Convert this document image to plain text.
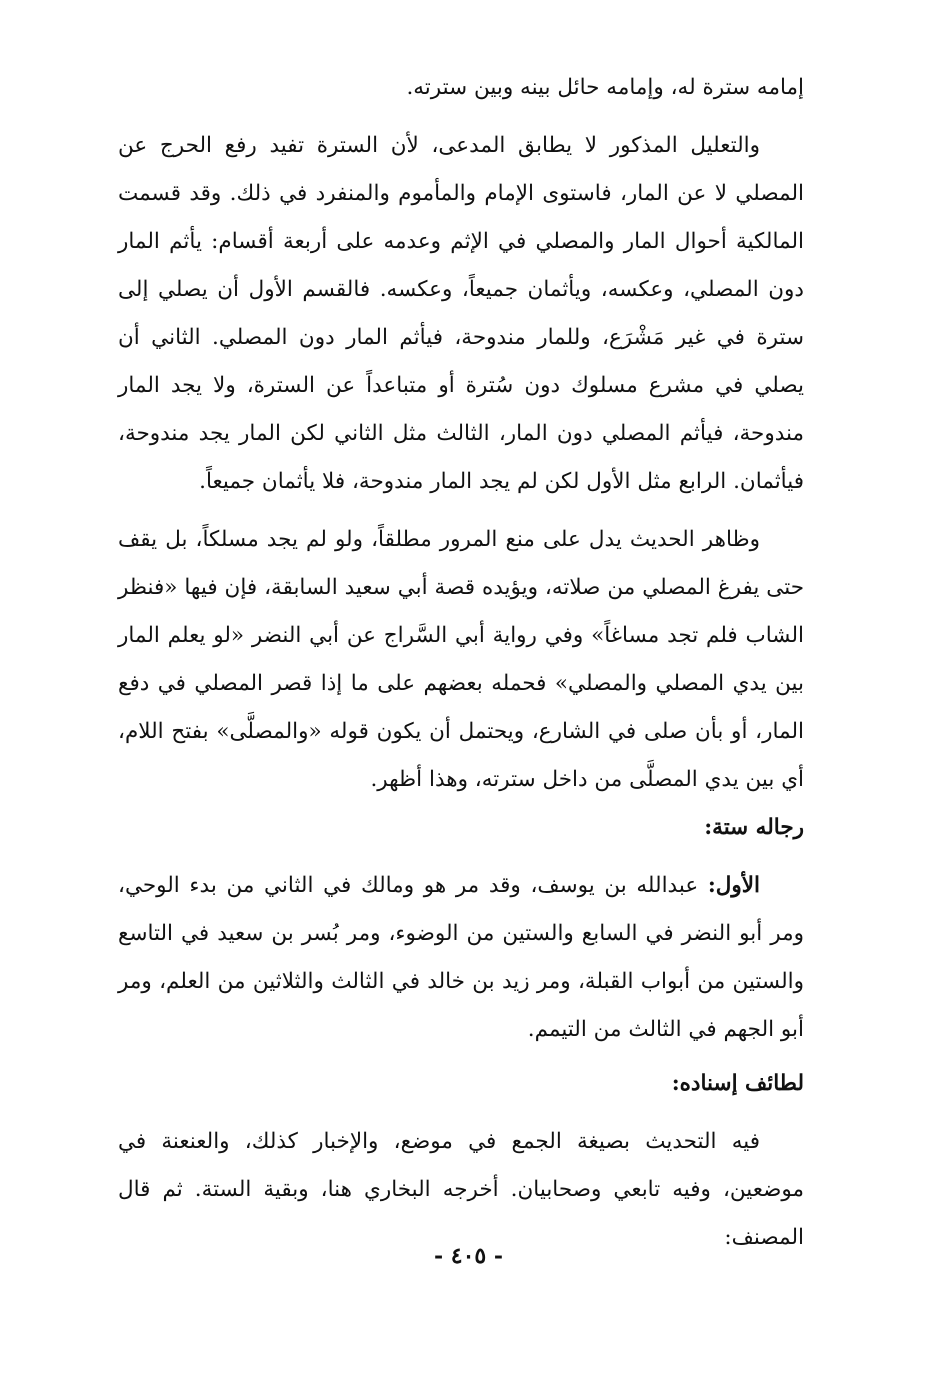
إمامه سترة له، وإمامه حائل بينه وبين سترته.

والتعليل المذكور لا يطابق المدعى، لأن السترة تفيد رفع الحرج عن المصلي لا عن المار، فاستوى الإمام والمأموم والمنفرد في ذلك. وقد قسمت المالكية أحوال المار والمصلي في الإثم وعدمه على أربعة أقسام: يأثم المار دون المصلي، وعكسه، ويأثمان جميعاً، وعكسه. فالقسم الأول أن يصلي إلى سترة في غير مَشْرَع، وللمار مندوحة، فيأثم المار دون المصلي. الثاني أن يصلي في مشرع مسلوك دون سُترة أو متباعداً عن السترة، ولا يجد المار مندوحة، فيأثم المصلي دون المار، الثالث مثل الثاني لكن المار يجد مندوحة، فيأثمان. الرابع مثل الأول لكن لم يجد المار مندوحة، فلا يأثمان جميعاً.

وظاهر الحديث يدل على منع المرور مطلقاً، ولو لم يجد مسلكاً، بل يقف حتى يفرغ المصلي من صلاته، ويؤيده قصة أبي سعيد السابقة، فإن فيها «فنظر الشاب فلم تجد مساغاً» وفي رواية أبي السَّراج عن أبي النضر «لو يعلم المار بين يدي المصلي والمصلي» فحمله بعضهم على ما إذا قصر المصلي في دفع المار، أو بأن صلى في الشارع، ويحتمل أن يكون قوله «والمصلَّى» بفتح اللام، أي بين يدي المصلَّى من داخل سترته، وهذا أظهر.

رجاله ستة:

الأول: عبدالله بن يوسف، وقد مر هو ومالك في الثاني من بدء الوحي، ومر أبو النضر في السابع والستين من الوضوء، ومر بُسر بن سعيد في التاسع والستين من أبواب القبلة، ومر زيد بن خالد في الثالث والثلاثين من العلم، ومر أبو الجهم في الثالث من التيمم.

لطائف إسناده:

فيه التحديث بصيغة الجمع في موضع، والإخبار كذلك، والعنعنة في موضعين، وفيه تابعي وصحابيان. أخرجه البخاري هنا، وبقية الستة. ثم قال المصنف:

- ٤٠٥ -
